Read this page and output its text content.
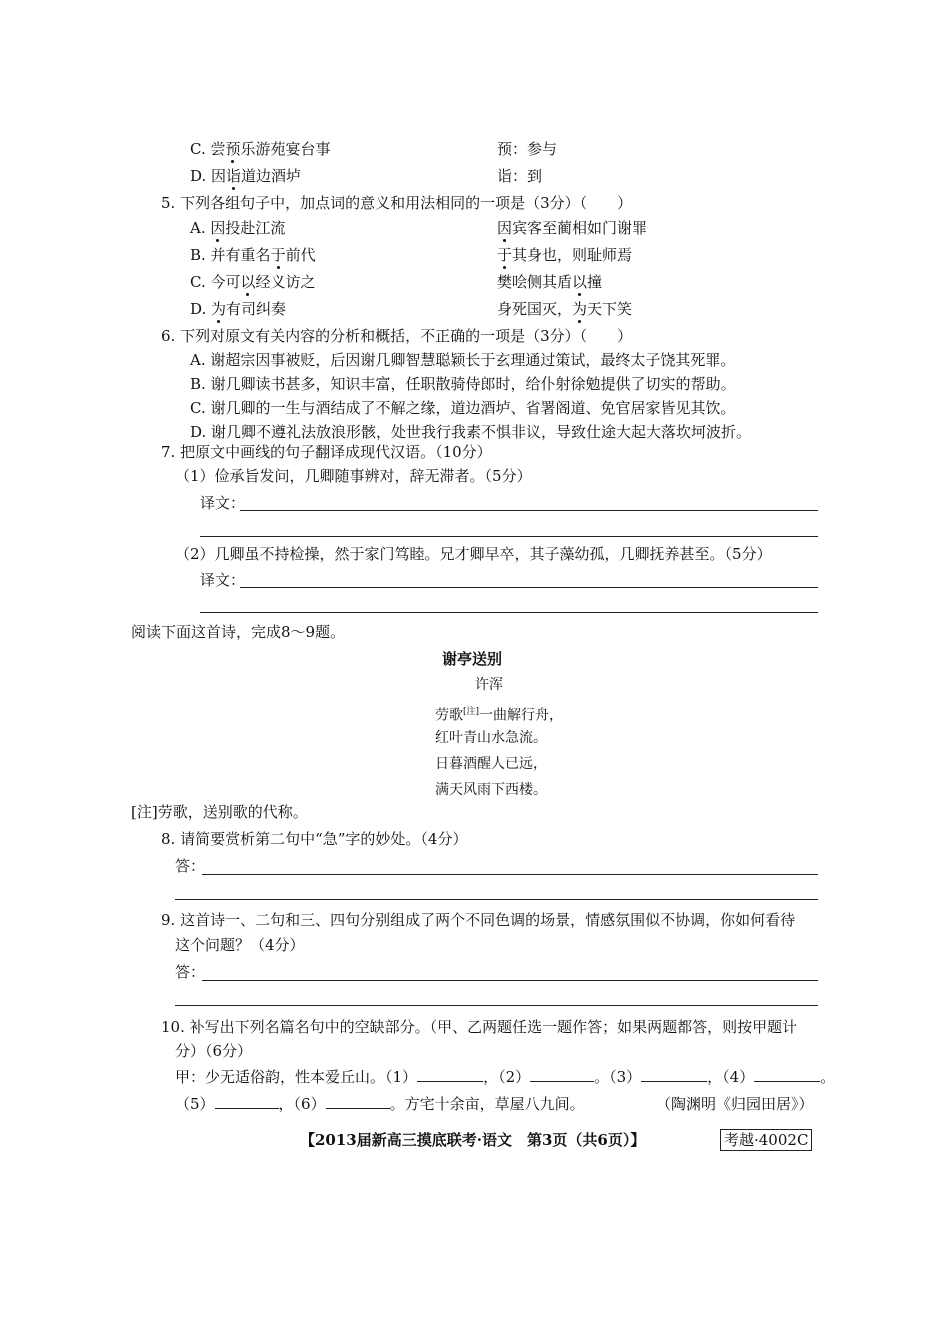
C. 尝预乐游苑宴台事	预：参与
D. 因诣道边酒垆	诣：到
5. 下列各组句子中，加点词的意义和用法相同的一项是（3分）（　　）
A. 因投赴江流	因宾客至蔺相如门谢罪
B. 并有重名于前代	于其身也，则耻师焉
C. 今可以经义访之	樊哙侧其盾以撞
D. 为有司纠奏	身死国灭，为天下笑
6. 下列对原文有关内容的分析和概括，不正确的一项是（3分）（　　）
A. 谢超宗因事被贬，后因谢几卿智慧聪颖长于玄理通过策试，最终太子饶其死罪。
B. 谢几卿读书甚多，知识丰富，任职散骑侍郎时，给仆射徐勉提供了切实的帮助。
C. 谢几卿的一生与酒结成了不解之缘，道边酒垆、省署阁道、免官居家皆见其饮。
D. 谢几卿不遵礼法放浪形骸，处世我行我素不惧非议，导致仕途大起大落坎坷波折。
7. 把原文中画线的句子翻译成现代汉语。（10分）
（1）俭承旨发问，几卿随事辨对，辞无滞者。（5分）
译文：
（2）几卿虽不持检操，然于家门笃睦。兄才卿早卒，其子藻幼孤，几卿抚养甚至。（5分）
译文：
阅读下面这首诗，完成8～9题。
谢亭送别
许浑
劳歌[注]一曲解行舟，
红叶青山水急流。
日暮酒醒人已远，
满天风雨下西楼。
[注]劳歌，送别歌的代称。
8. 请简要赏析第二句中“急”字的妙处。（4分）
答：
9. 这首诗一、二句和三、四句分别组成了两个不同色调的场景，情感氛围似不协调，你如何看待
这个问题？（4分）
答：
10. 补写出下列名篇名句中的空缺部分。（甲、乙两题任选一题作答；如果两题都答，则按甲题计
分）（6分）
甲：少无适俗韵，性本爱丘山。（1）	，（2）	。（3）	，（4）	。
（5）	，（6）	。方宅十余亩，草屋八九间。	（陶渊明《归园田居》）
【2013届新高三摸底联考·语文　第3页（共6页）】	考越·4002C
